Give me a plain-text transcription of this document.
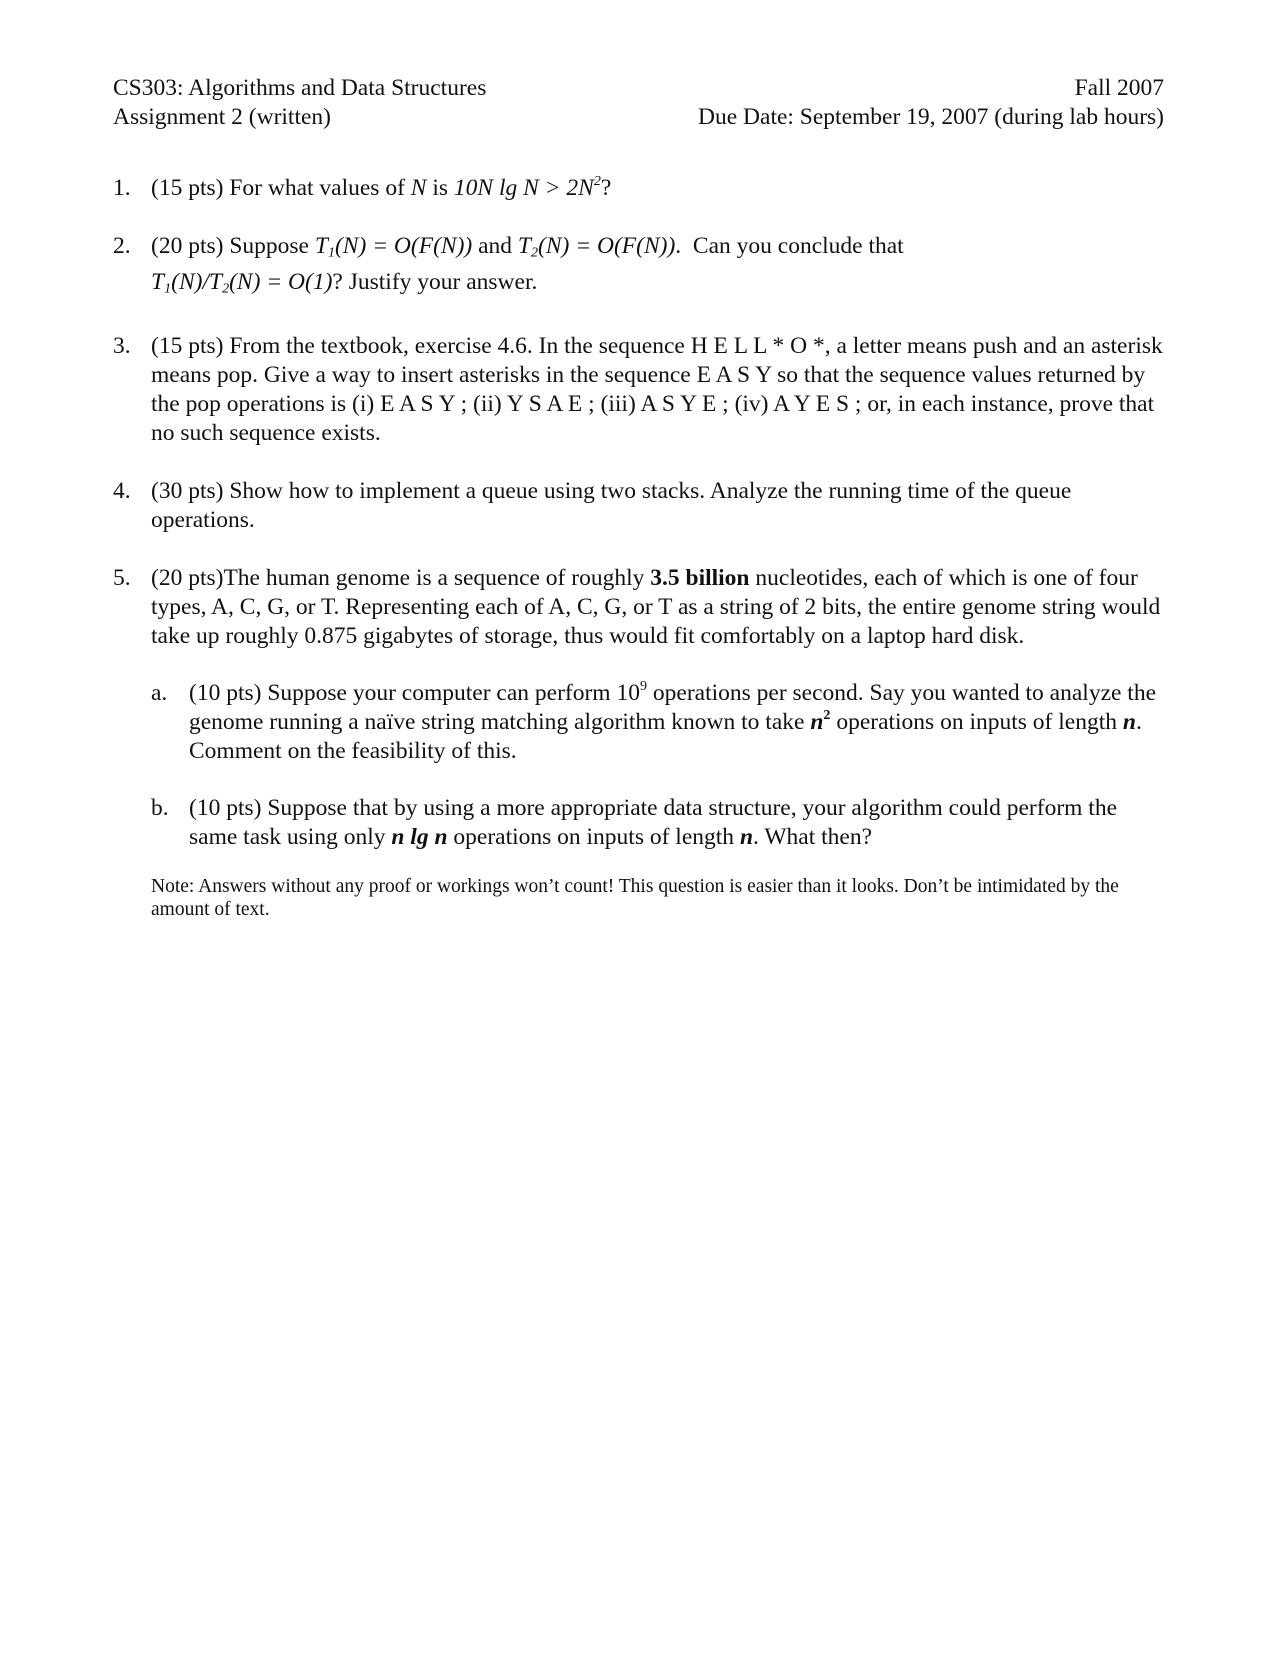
CS303: Algorithms and Data Structures	Fall 2007
Assignment 2 (written)	Due Date: September 19, 2007 (during lab hours)
1. (15 pts) For what values of N is 10N $\lg N > 2N^2$?
2. (20 pts) Suppose $T_1(N) = O(F(N))$ and $T_2(N) = O(F(N))$. Can you conclude that
$T_1(N)/T_2(N) = O(1)$? Justify your answer.
3. (15 pts) From the textbook, exercise 4.6. In the sequence H E L L * O *, a letter means push and an asterisk means pop. Give a way to insert asterisks in the sequence E A S Y so that the sequence values returned by the pop operations is (i) E A S Y ; (ii) Y S A E ; (iii) A S Y E ; (iv) A Y E S ; or, in each instance, prove that no such sequence exists.
4. (30 pts) Show how to implement a queue using two stacks. Analyze the running time of the queue operations.
5. (20 pts)The human genome is a sequence of roughly 3.5 billion nucleotides, each of which is one of four types, A, C, G, or T. Representing each of A, C, G, or T as a string of 2 bits, the entire genome string would take up roughly 0.875 gigabytes of storage, thus would fit comfortably on a laptop hard disk.
a. (10 pts) Suppose your computer can perform $10^9$ operations per second. Say you wanted to analyze the genome running a naïve string matching algorithm known to take $n^2$ operations on inputs of length n. Comment on the feasibility of this.
b. (10 pts) Suppose that by using a more appropriate data structure, your algorithm could perform the same task using only n lg n operations on inputs of length n. What then?
Note: Answers without any proof or workings won’t count! This question is easier than it looks. Don’t be intimidated by the amount of text.
